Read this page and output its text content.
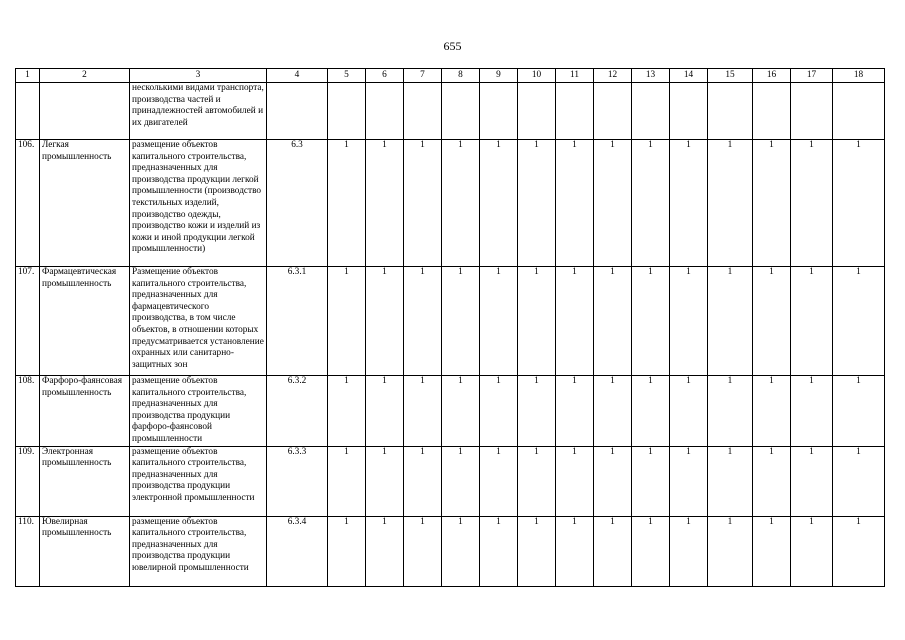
655
1	2	3	4	5	6	7	8	9	10	11	12	13	14	15	16	17	18
		несколькими видами транспорта, производства частей и принадлежностей автомобилей и их двигателей															
106.	Легкая промышленность	размещение объектов капитального строительства, предназначенных для производства продукции легкой промышленности (производство текстильных изделий, производство одежды, производство кожи и изделий из кожи и иной продукции легкой промышленности)	6.3	1	1	1	1	1	1	1	1	1	1	1	1	1	1
107.	Фармацевтическая промышленность	Размещение объектов капитального строительства, предназначенных для фармацевтического производства, в том числе объектов, в отношении которых предусматривается установление охранных или санитарно-защитных зон	6.3.1	1	1	1	1	1	1	1	1	1	1	1	1	1	1
108.	Фарфоро-фаянсовая промышленность	размещение объектов капитального строительства, предназначенных для производства продукции фарфоро-фаянсовой промышленности	6.3.2	1	1	1	1	1	1	1	1	1	1	1	1	1	1
109.	Электронная промышленность	размещение объектов капитального строительства, предназначенных для производства продукции электронной промышленности	6.3.3	1	1	1	1	1	1	1	1	1	1	1	1	1	1
110.	Ювелирная промышленность	размещение объектов капитального строительства, предназначенных для производства продукции ювелирной промышленности	6.3.4	1	1	1	1	1	1	1	1	1	1	1	1	1	1
